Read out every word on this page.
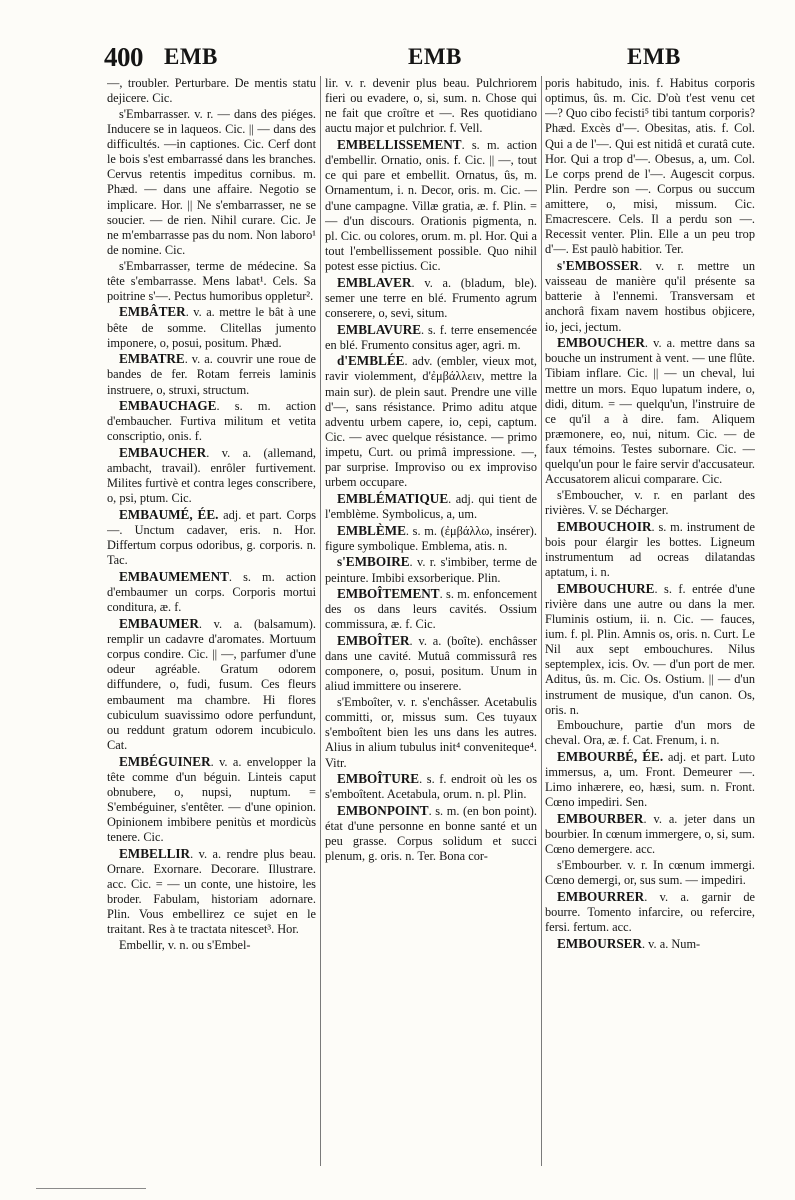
400 EMB	EMB	EMB

—, troubler. Perturbare. De mentis statu dejicere. Cic.

s'Embarrasser. v. r. — dans des piéges. Inducere se in laqueos. Cic. || — dans des difficultés. —in captiones. Cic. Cerf dont le bois s'est embarrassé dans les branches. Cervus retentis impeditus cornibus. m. Phæd. — dans une affaire. Negotio se implicare. Hor. || Ne s'embarrasser, ne se soucier. — de rien. Nihil curare. Cic. Je ne m'embarrasse pas du nom. Non laboro¹ de nomine. Cic.

s'Embarrasser, terme de médecine. Sa tête s'embarrasse. Mens labat¹. Cels. Sa poitrine s'—. Pectus humoribus oppletur².

EMBÂTER. v. a. mettre le bât à une bête de somme. Clitellas jumento imponere, o, posui, positum. Phæd.

EMBATRE. v. a. couvrir une roue de bandes de fer. Rotam ferreis laminis instruere, o, struxi, structum.

EMBAUCHAGE. s. m. action d'embaucher. Furtiva militum et vetita conscriptio, onis. f.

EMBAUCHER. v. a. (allemand, ambacht, travail). enrôler furtivement. Milites furtivè et contra leges conscribere, o, psi, ptum. Cic.

EMBAUMÉ, ÉE. adj. et part. Corps —. Unctum cadaver, eris. n. Hor. Differtum corpus odoribus, g. corporis. n. Tac.

EMBAUMEMENT. s. m. action d'embaumer un corps. Corporis mortui conditura, æ. f.

EMBAUMER. v. a. (balsamum). remplir un cadavre d'aromates. Mortuum corpus condire. Cic. || —, parfumer d'une odeur agréable. Gratum odorem diffundere, o, fudi, fusum. Ces fleurs embaument ma chambre. Hi flores cubiculum suavissimo odore perfundunt, ou reddunt gratum odorem incubiculo. Cat.

EMBÉGUINER. v. a. envelopper la tête comme d'un béguin. Linteis caput obnubere, o, nupsi, nuptum. = S'embéguiner, s'entêter. — d'une opinion. Opinionem imbibere penitùs et mordicùs tenere. Cic.

EMBELLIR. v. a. rendre plus beau. Ornare. Exornare. Decorare. Illustrare. acc. Cic. = — un conte, une histoire, les broder. Fabulam, historiam adornare. Plin. Vous embellirez ce sujet en le traitant. Res à te tractata nitescet³. Hor.

Embellir, v. n. ou s'Embel-

lir. v. r. devenir plus beau. Pulchriorem fieri ou evadere, o, si, sum. n. Chose qui ne fait que croître et —. Res quotidiano auctu major et pulchrior. f. Vell.

EMBELLISSEMENT. s. m. action d'embellir. Ornatio, onis. f. Cic. || —, tout ce qui pare et embellit. Ornatus, ûs, m. Ornamentum, i. n. Decor, oris. m. Cic. — d'une campagne. Villæ gratia, æ. f. Plin. = — d'un discours. Orationis pigmenta, n. pl. Cic. ou colores, orum. m. pl. Hor. Qui a tout l'embellissement possible. Quo nihil potest esse pictius. Cic.

EMBLAVER. v. a. (bladum, ble). semer une terre en blé. Frumento agrum conserere, o, sevi, situm.

EMBLAVURE. s. f. terre ensemencée en blé. Frumento consitus ager, agri. m.

d'EMBLÉE. adv. (embler, vieux mot, ravir violemment, d'ἐμβάλλειν, mettre la main sur). de plein saut. Prendre une ville d'—, sans résistance. Primo aditu atque adventu urbem capere, io, cepi, captum. Cic. — avec quelque résistance. — primo impetu, Curt. ou primâ impressione. —, par surprise. Improviso ou ex improviso urbem occupare.

EMBLÉMATIQUE. adj. qui tient de l'emblème. Symbolicus, a, um.

EMBLÈME. s. m. (ἐμβάλλω, insérer). figure symbolique. Emblema, atis. n.

s'EMBOIRE. v. r. s'imbiber, terme de peinture. Imbibi exsorberique. Plin.

EMBOÎTEMENT. s. m. enfoncement des os dans leurs cavités. Ossium commissura, æ. f. Cic.

EMBOÎTER. v. a. (boîte). enchâsser dans une cavité. Mutuâ commissurâ res componere, o, posui, positum. Unum in aliud immittere ou inserere.

s'Emboîter, v. r. s'enchâsser. Acetabulis committi, or, missus sum. Ces tuyaux s'emboîtent bien les uns dans les autres. Alius in alium tubulus init⁴ conveniteque⁴. Vitr.

EMBOÎTURE. s. f. endroit où les os s'emboîtent. Acetabula, orum. n. pl. Plin.

EMBONPOINT. s. m. (en bon point). état d'une personne en bonne santé et un peu grasse. Corpus solidum et succi plenum, g. oris. n. Ter. Bona cor-

poris habitudo, inis. f. Habitus corporis optimus, ûs. m. Cic. D'où t'est venu cet —? Quo cibo fecisti⁵ tibi tantum corporis? Phæd. Excès d'—. Obesitas, atis. f. Col. Qui a de l'—. Qui est nitidâ et curatâ cute. Hor. Qui a trop d'—. Obesus, a, um. Col. Le corps prend de l'—. Augescit corpus. Plin. Perdre son —. Corpus ou succum amittere, o, misi, missum. Cic. Emacrescere. Cels. Il a perdu son —. Recessit venter. Plin. Elle a un peu trop d'—. Est paulò habitior. Ter.

s'EMBOSSER. v. r. mettre un vaisseau de manière qu'il présente sa batterie à l'ennemi. Transversam et anchorâ fixam navem hostibus objicere, io, jeci, jectum.

EMBOUCHER. v. a. mettre dans sa bouche un instrument à vent. — une flûte. Tibiam inflare. Cic. || — un cheval, lui mettre un mors. Equo lupatum indere, o, didi, ditum. = — quelqu'un, l'instruire de ce qu'il a à dire. fam. Aliquem præmonere, eo, nui, nitum. Cic. — de faux témoins. Testes subornare. Cic. — quelqu'un pour le faire servir d'accusateur. Accusatorem alicui comparare. Cic.

s'Emboucher, v. r. en parlant des rivières. V. se Décharger.

EMBOUCHOIR. s. m. instrument de bois pour élargir les bottes. Ligneum instrumentum ad ocreas dilatandas aptatum, i. n.

EMBOUCHURE. s. f. entrée d'une rivière dans une autre ou dans la mer. Fluminis ostium, ii. n. Cic. — fauces, ium. f. pl. Plin. Amnis os, oris. n. Curt. Le Nil aux sept embouchures. Nilus septemplex, icis. Ov. — d'un port de mer. Aditus, ûs. m. Cic. Os. Ostium. || — d'un instrument de musique, d'un canon. Os, oris. n.

Embouchure, partie d'un mors de cheval. Ora, æ. f. Cat. Frenum, i. n.

EMBOURBÉ, ÉE. adj. et part. Luto immersus, a, um. Front. Demeurer —. Limo inhærere, eo, hæsi, sum. n. Front. Cœno impediri. Sen.

EMBOURBER. v. a. jeter dans un bourbier. In cœnum immergere, o, si, sum. Cœno demergere. acc.

s'Embourber. v. r. In cœnum immergi. Cœno demergi, or, sus sum. — impediri.

EMBOURRER. v. a. garnir de bourre. Tomento infarcire, ou refercire, fersi. fertum. acc.

EMBOURSER. v. a. Num-
